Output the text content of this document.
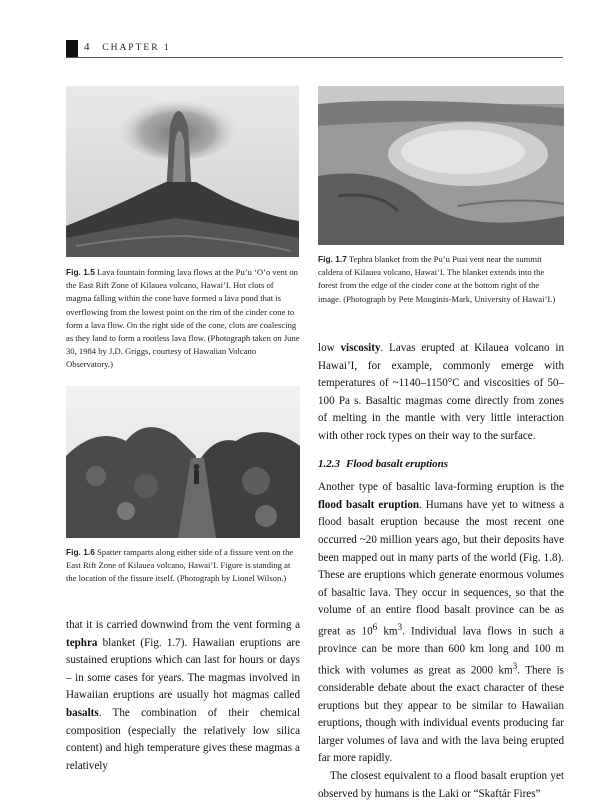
4 CHAPTER 1
Fig. 1.5 Lava fountain forming lava flows at the Pu’u ‘O’o vent on the East Rift Zone of Kilauea volcano, Hawai’I. Hot clots of magma falling within the cone have formed a lava pond that is overflowing from the lowest point on the rim of the cinder cone to form a lava flow. On the right side of the cone, clots are coalescing as they land to form a rootless lava flow. (Photograph taken on June 30, 1984 by J.D. Griggs, courtesy of Hawaiian Volcano Observatory.)
Fig. 1.6 Spatter ramparts along either side of a fissure vent on the East Rift Zone of Kilauea volcano, Hawai’I. Figure is standing at the location of the fissure itself. (Photograph by Lionel Wilson.)
Fig. 1.7 Tephra blanket from the Pu’u Puai vent near the summit caldera of Kilauea volcano, Hawai’I. The blanket extends into the forest from the edge of the cinder cone at the bottom right of the image. (Photograph by Pete Mouginis-Mark, University of Hawai’I.)

low viscosity. Lavas erupted at Kilauea volcano in Hawai’I, for example, commonly emerge with temperatures of ~1140–1150°C and viscosities of 50–100 Pa s. Basaltic magmas come directly from zones of melting in the mantle with very little interaction with other rock types on their way to the surface.

1.2.3 Flood basalt eruptions

Another type of basaltic lava-forming eruption is the flood basalt eruption. Humans have yet to witness a flood basalt eruption because the most recent one occurred ~20 million years ago, but their deposits have been mapped out in many parts of the world (Fig. 1.8). These are eruptions which generate enormous volumes of basaltic lava. They occur in sequences, so that the volume of an entire flood basalt province can be as great as $10^6$ $km^3$. Individual lava flows in such a province can be more than 600 km long and 100 m thick with volumes as great as 2000 $km^3$. There is considerable debate about the exact character of these eruptions but they appear to be similar to Hawaiian eruptions, though with individual events producing far larger volumes of lava and with the lava being erupted far more rapidly.

The closest equivalent to a flood basalt eruption yet observed by humans is the Laki or “Skaftár Fires”

that it is carried downwind from the vent forming a tephra blanket (Fig. 1.7). Hawaiian eruptions are sustained eruptions which can last for hours or days – in some cases for years. The magmas involved in Hawaiian eruptions are usually hot magmas called basalts. The combination of their chemical composition (especially the relatively low silica content) and high temperature gives these magmas a relatively
